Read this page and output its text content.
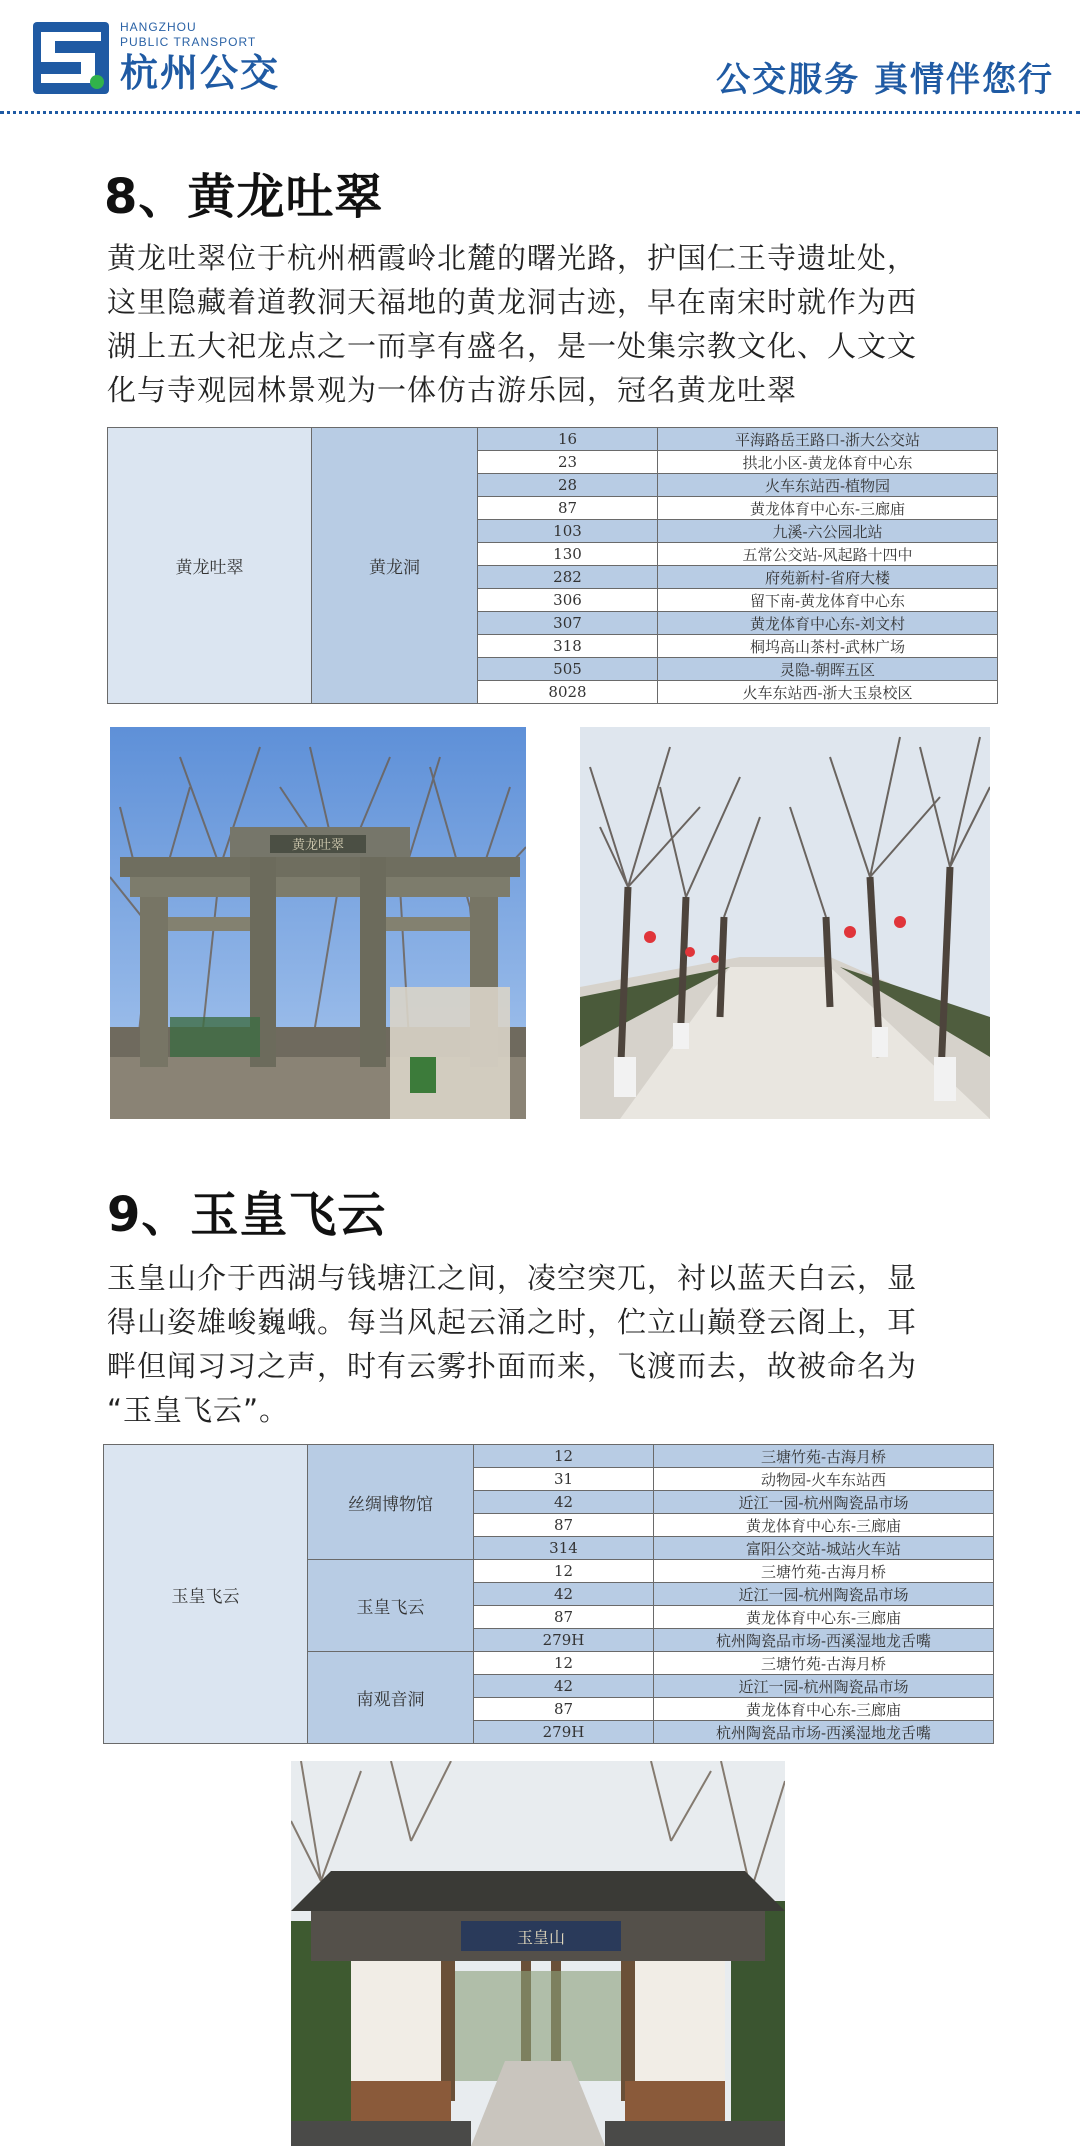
HANGZHOU
PUBLIC TRANSPORT
杭州公交	公交服务 真情伴您行
8、黄龙吐翠
黄龙吐翠位于杭州栖霞岭北麓的曙光路，护国仁王寺遗址处，
这里隐藏着道教洞天福地的黄龙洞古迹，早在南宋时就作为西
湖上五大祀龙点之一而享有盛名，是一处集宗教文化、人文文
化与寺观园林景观为一体仿古游乐园，冠名黄龙吐翠
黄龙吐翠	黄龙洞	16	平海路岳王路口-浙大公交站
		23	拱北小区-黄龙体育中心东
		28	火车东站西-植物园
		87	黄龙体育中心东-三廊庙
		103	九溪-六公园北站
		130	五常公交站-风起路十四中
		282	府苑新村-省府大楼
		306	留下南-黄龙体育中心东
		307	黄龙体育中心东-刘文村
		318	桐坞高山茶村-武林广场
		505	灵隐-朝晖五区
		8028	火车东站西-浙大玉泉校区
黄龙吐翠
9、玉皇飞云
玉皇山介于西湖与钱塘江之间，凌空突兀，衬以蓝天白云，显
得山姿雄峻巍峨。每当风起云涌之时，伫立山巅登云阁上，耳
畔但闻习习之声，时有云雾扑面而来，飞渡而去，故被命名为
“玉皇飞云”。
玉皇飞云	丝绸博物馆	12	三塘竹苑-古海月桥
		31	动物园-火车东站西
		42	近江一园-杭州陶瓷品市场
		87	黄龙体育中心东-三廊庙
		314	富阳公交站-城站火车站
	玉皇飞云	12	三塘竹苑-古海月桥
		42	近江一园-杭州陶瓷品市场
		87	黄龙体育中心东-三廊庙
		279H	杭州陶瓷品市场-西溪湿地龙舌嘴
	南观音洞	12	三塘竹苑-古海月桥
		42	近江一园-杭州陶瓷品市场
		87	黄龙体育中心东-三廊庙
		279H	杭州陶瓷品市场-西溪湿地龙舌嘴
玉皇山
